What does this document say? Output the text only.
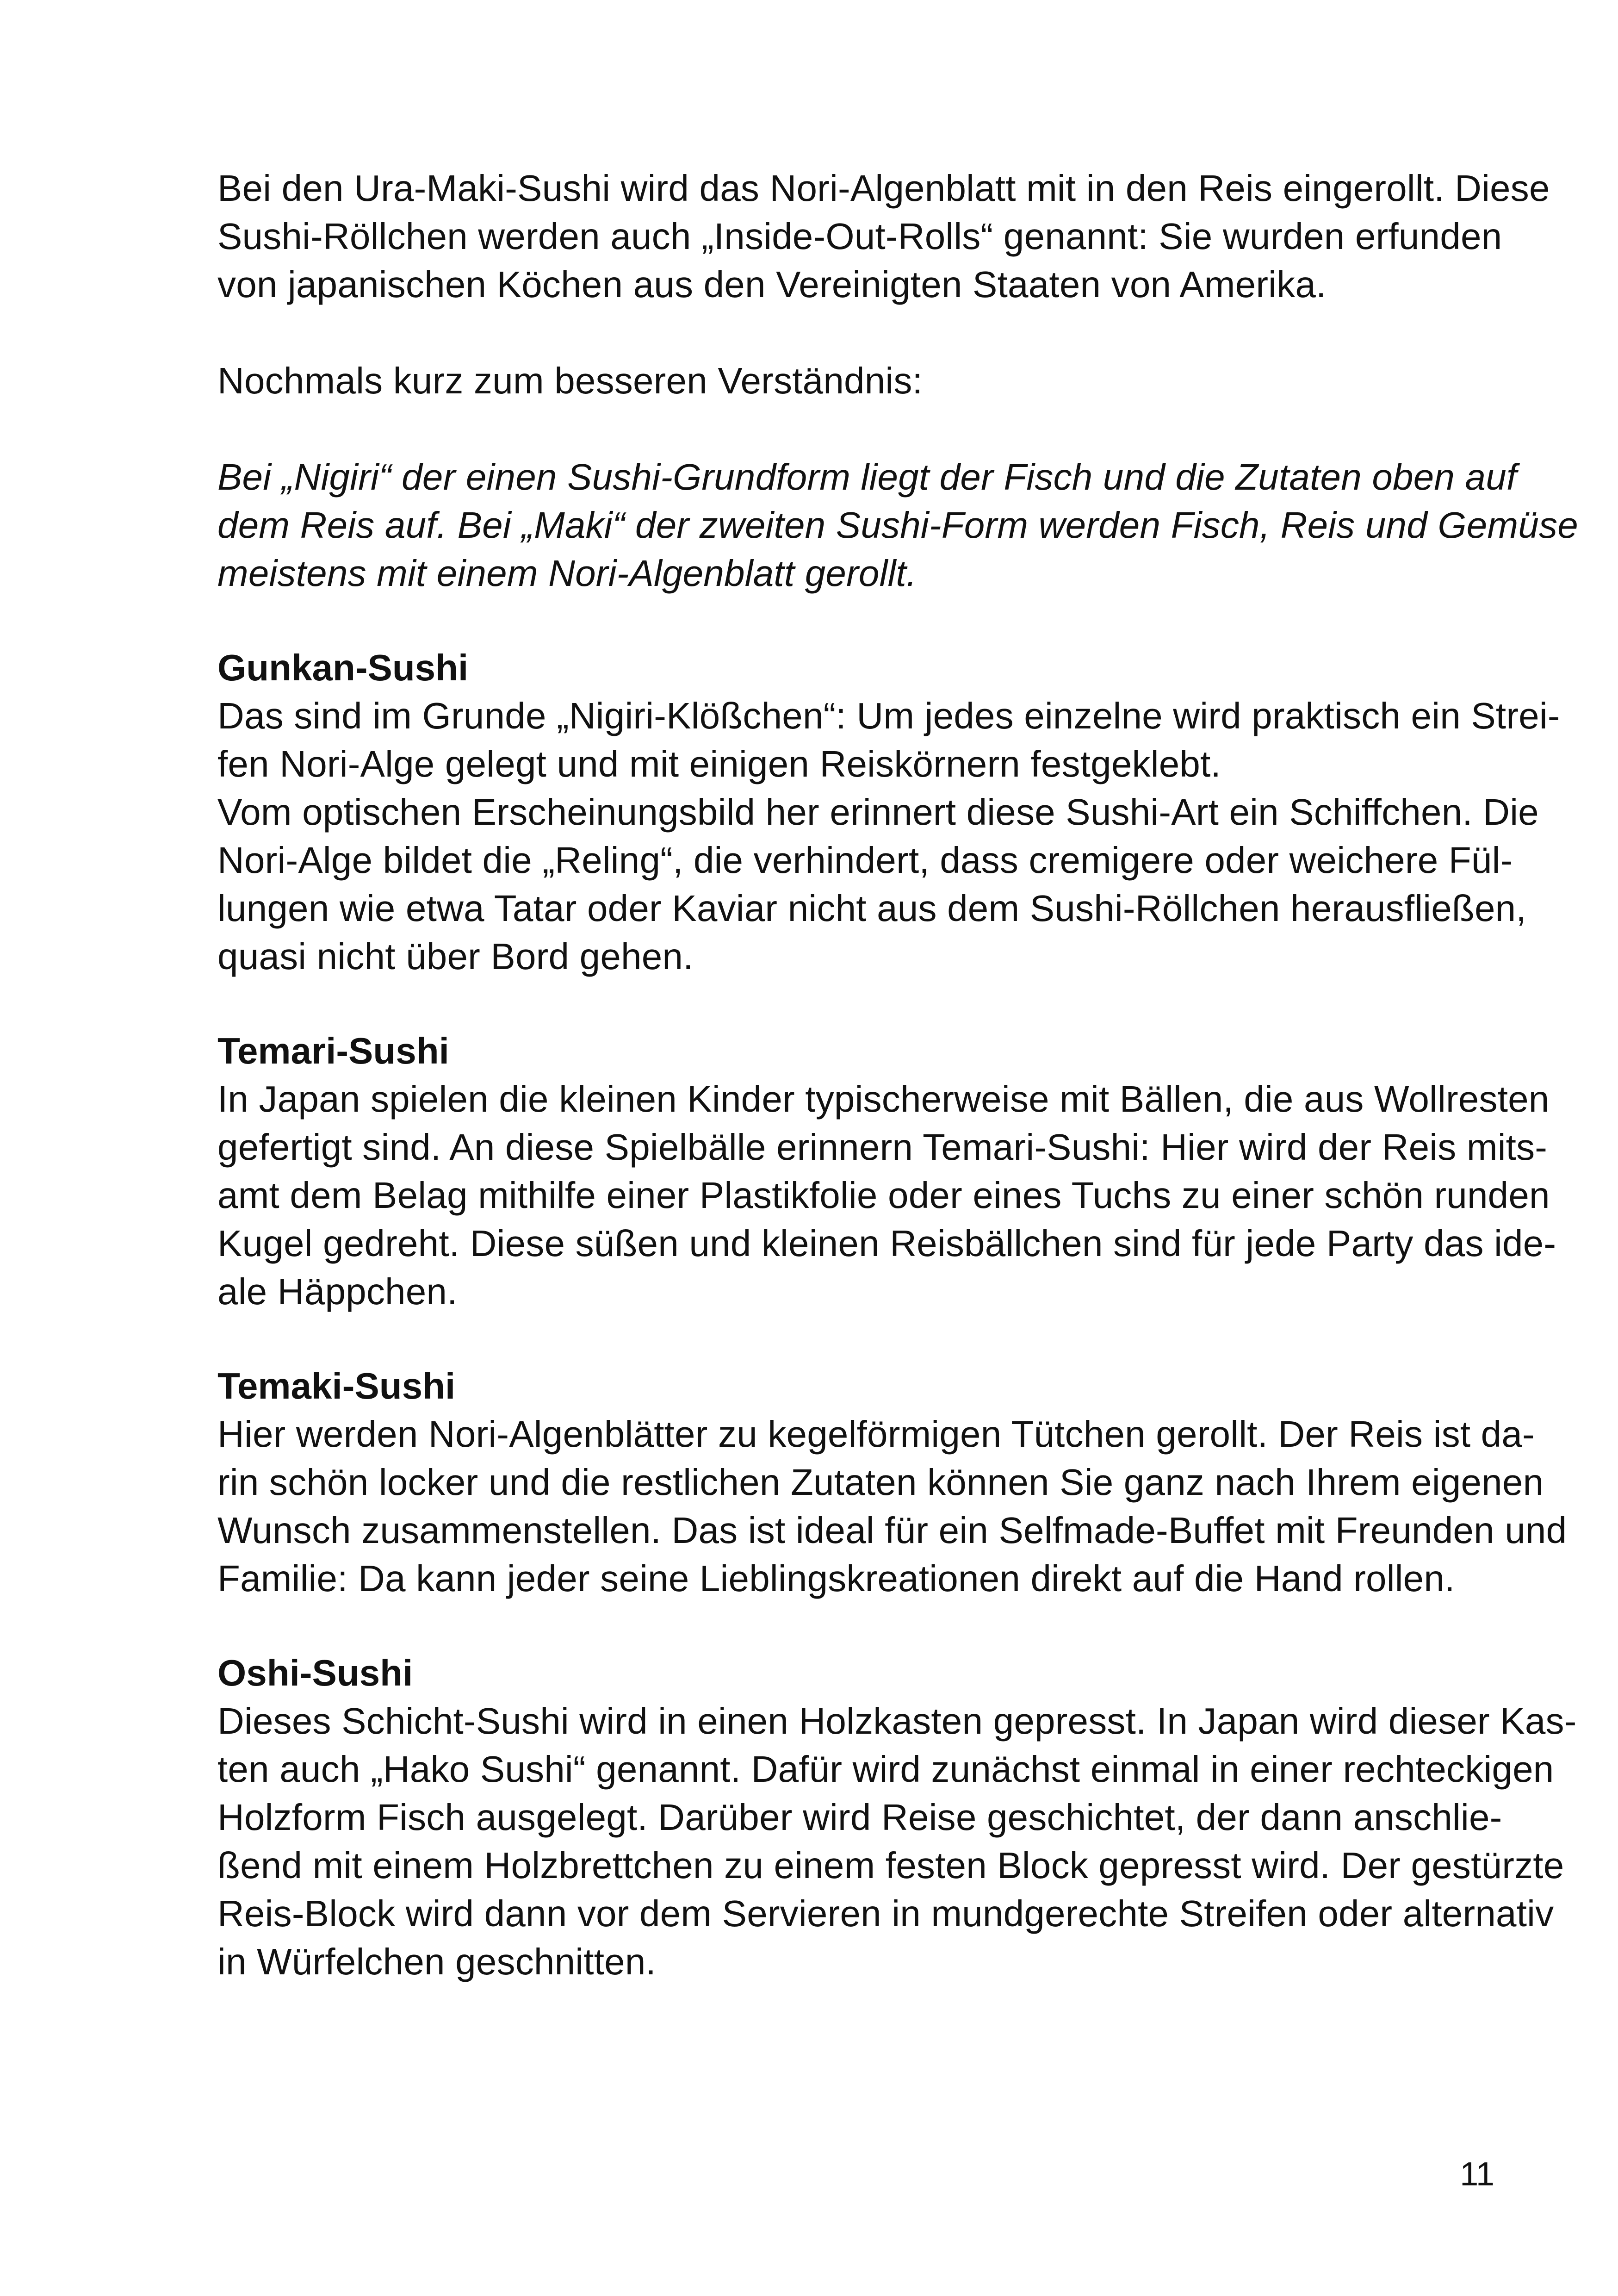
Bei den Ura-Maki-Sushi wird das Nori-Algenblatt mit in den Reis eingerollt. Diese
Sushi-Röllchen werden auch „Inside-Out-Rolls“ genannt: Sie wurden erfunden
von japanischen Köchen aus den Vereinigten Staaten von Amerika.

Nochmals kurz zum besseren Verständnis:

Bei „Nigiri“ der einen Sushi-Grundform liegt der Fisch und die Zutaten oben auf
dem Reis auf. Bei „Maki“ der zweiten Sushi-Form werden Fisch, Reis und Gemüse
meistens mit einem Nori-Algenblatt gerollt.

Gunkan-Sushi

Das sind im Grunde „Nigiri-Klößchen“: Um jedes einzelne wird praktisch ein Strei-
fen Nori-Alge gelegt und mit einigen Reiskörnern festgeklebt.
Vom optischen Erscheinungsbild her erinnert diese Sushi-Art ein Schiffchen. Die
Nori-Alge bildet die „Reling“, die verhindert, dass cremigere oder weichere Fül-
lungen wie etwa Tatar oder Kaviar nicht aus dem Sushi-Röllchen herausfließen,
quasi nicht über Bord gehen.

Temari-Sushi

In Japan spielen die kleinen Kinder typischerweise mit Bällen, die aus Wollresten
gefertigt sind. An diese Spielbälle erinnern Temari-Sushi: Hier wird der Reis mits-
amt dem Belag mithilfe einer Plastikfolie oder eines Tuchs zu einer schön runden
Kugel gedreht. Diese süßen und kleinen Reisbällchen sind für jede Party das ide-
ale Häppchen.

Temaki-Sushi

Hier werden Nori-Algenblätter zu kegelförmigen Tütchen gerollt. Der Reis ist da-
rin schön locker und die restlichen Zutaten können Sie ganz nach Ihrem eigenen
Wunsch zusammenstellen. Das ist ideal für ein Selfmade-Buffet mit Freunden und
Familie: Da kann jeder seine Lieblingskreationen direkt auf die Hand rollen.

Oshi-Sushi

Dieses Schicht-Sushi wird in einen Holzkasten gepresst. In Japan wird dieser Kas-
ten auch „Hako Sushi“ genannt. Dafür wird zunächst einmal in einer rechteckigen
Holzform Fisch ausgelegt. Darüber wird Reise geschichtet, der dann anschlie-
ßend mit einem Holzbrettchen zu einem festen Block gepresst wird. Der gestürzte
Reis-Block wird dann vor dem Servieren in mundgerechte Streifen oder alternativ
in Würfelchen geschnitten.

11
